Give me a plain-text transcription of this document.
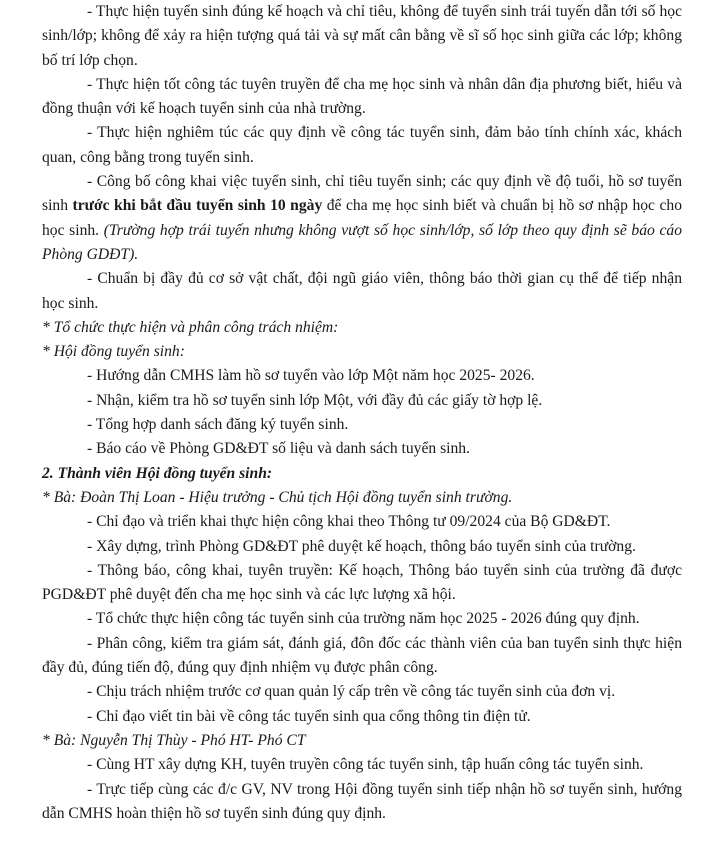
- Thực hiện tuyển sinh đúng kế hoạch và chỉ tiêu, không để tuyển sinh trái tuyến dẫn tới số học sinh/lớp; không để xảy ra hiện tượng quá tải và sự mất cân bằng về sĩ số học sinh giữa các lớp; không bố trí lớp chọn.

- Thực hiện tốt công tác tuyên truyền để cha mẹ học sinh và nhân dân địa phương biết, hiểu và đồng thuận với kế hoạch tuyển sinh của nhà trường.

- Thực hiện nghiêm túc các quy định về công tác tuyển sinh, đảm bảo tính chính xác, khách quan, công bằng trong tuyển sinh.

- Công bố công khai việc tuyển sinh, chỉ tiêu tuyển sinh; các quy định về độ tuổi, hồ sơ tuyển sinh trước khi bắt đầu tuyển sinh 10 ngày để cha mẹ học sinh biết và chuẩn bị hồ sơ nhập học cho học sinh. (Trường hợp trái tuyến nhưng không vượt số học sinh/lớp, số lớp theo quy định sẽ báo cáo Phòng GDĐT).

- Chuẩn bị đầy đủ cơ sở vật chất, đội ngũ giáo viên, thông báo thời gian cụ thể để tiếp nhận học sinh.

* Tổ chức thực hiện và phân công trách nhiệm:

* Hội đồng tuyển sinh:

- Hướng dẫn CMHS làm hồ sơ tuyển vào lớp Một năm học 2025- 2026.

- Nhận, kiểm tra hồ sơ tuyển sinh lớp Một, với đầy đủ các giấy tờ hợp lệ.

- Tổng hợp danh sách đăng ký tuyển sinh.

- Báo cáo về Phòng GD&ĐT số liệu và danh sách tuyển sinh.

2. Thành viên Hội đồng tuyển sinh:

* Bà: Đoàn Thị Loan - Hiệu trưởng - Chủ tịch Hội đồng tuyển sinh trường.

- Chỉ đạo và triển khai thực hiện công khai theo Thông tư 09/2024 của Bộ GD&ĐT.

- Xây dựng, trình Phòng GD&ĐT phê duyệt kế hoạch, thông báo tuyển sinh của trường.

- Thông báo, công khai, tuyên truyền: Kế hoạch, Thông báo tuyển sinh của trường đã được PGD&ĐT phê duyệt đến cha mẹ học sinh và các lực lượng xã hội.

- Tổ chức thực hiện công tác tuyển sinh của trường năm học 2025 - 2026 đúng quy định.

- Phân công, kiểm tra giám sát, đánh giá, đôn đốc các thành viên của ban tuyển sinh thực hiện đầy đủ, đúng tiến độ, đúng quy định nhiệm vụ được phân công.

- Chịu trách nhiệm trước cơ quan quản lý cấp trên về công tác tuyển sinh của đơn vị.

- Chỉ đạo viết tin bài về công tác tuyển sinh qua cổng thông tin điện tử.

* Bà: Nguyễn Thị Thùy - Phó HT- Phó CT

- Cùng HT xây dựng KH, tuyên truyền công tác tuyển sinh, tập huấn công tác tuyển sinh.

- Trực tiếp cùng các đ/c GV, NV trong Hội đồng tuyển sinh tiếp nhận hồ sơ tuyển sinh, hướng dẫn CMHS hoàn thiện hồ sơ tuyển sinh đúng quy định.
